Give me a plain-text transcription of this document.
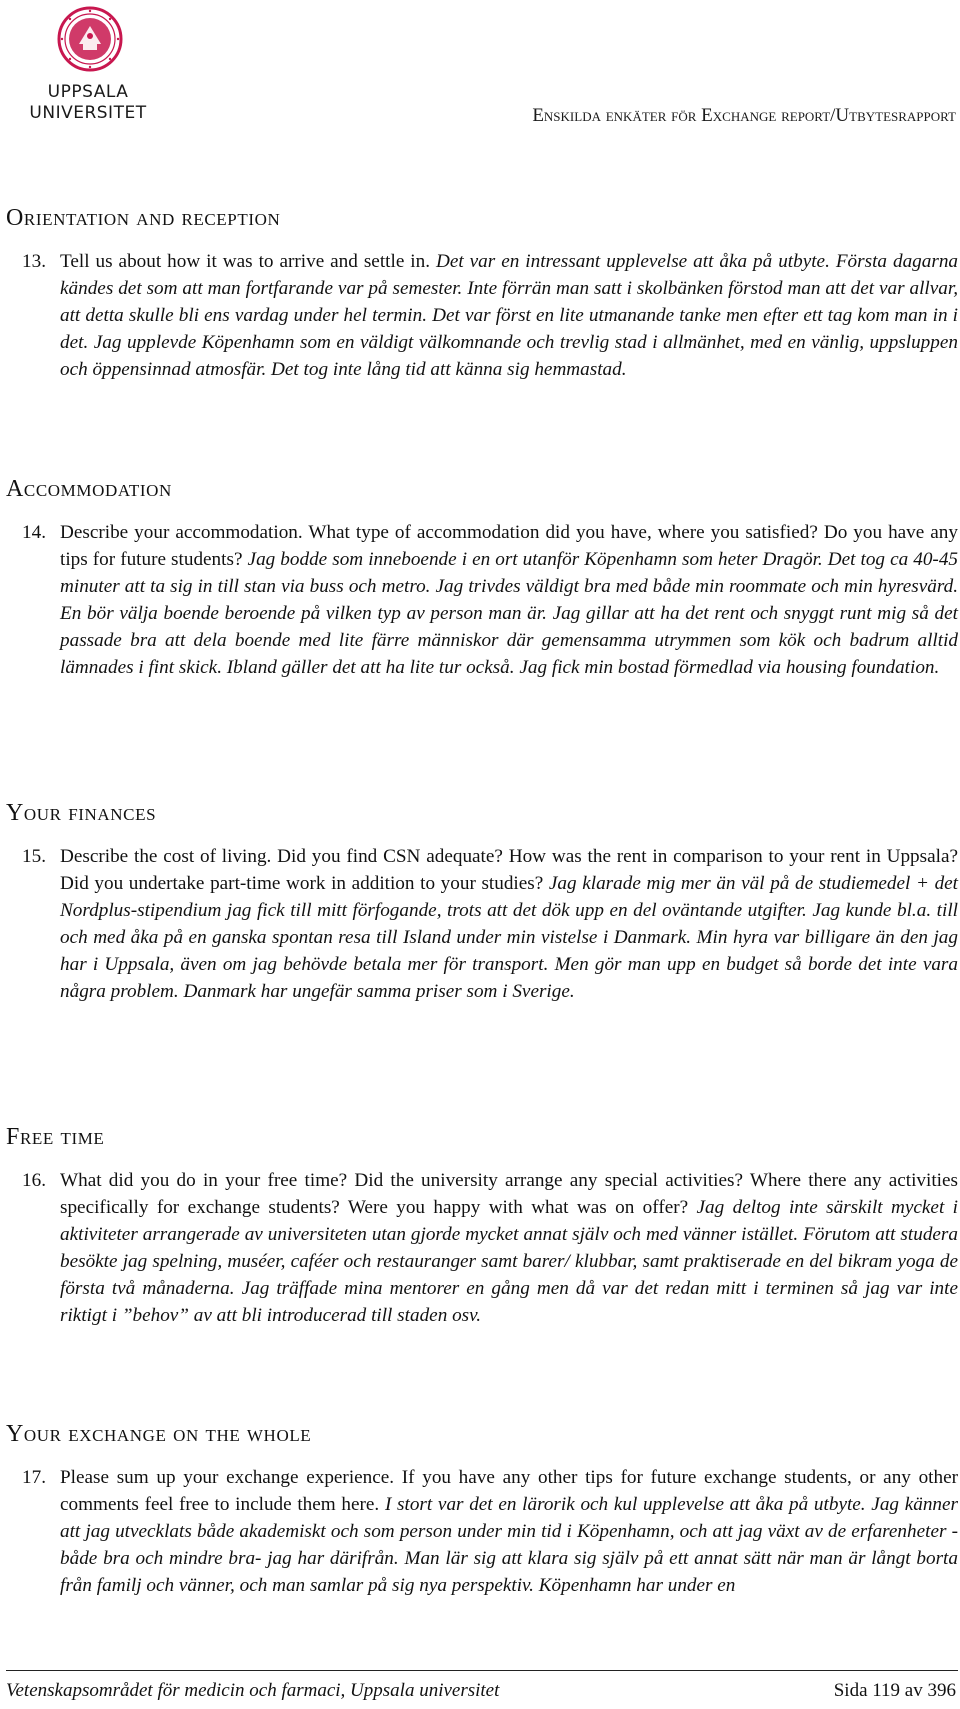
UPPSALA
UNIVERSITET	Enskilda enkäter för Exchange report/Utbytesrapport
Orientation and reception
13. Tell us about how it was to arrive and settle in. Det var en intressant upplevelse att åka på utbyte. Första dagarna kändes det som att man fortfarande var på semester. Inte förrän man satt i skolbänken förstod man att det var allvar, att detta skulle bli ens vardag under hel termin. Det var först en lite utmanande tanke men efter ett tag kom man in i det. Jag upplevde Köpenhamn som en väldigt välkomnande och trevlig stad i allmänhet, med en vänlig, uppsluppen och öppensinnad atmosfär. Det tog inte lång tid att känna sig hemmastad.

Accommodation
14. Describe your accommodation. What type of accommodation did you have, where you satisfied? Do you have any tips for future students? Jag bodde som inneboende i en ort utanför Köpenhamn som heter Dragör. Det tog ca 40-45 minuter att ta sig in till stan via buss och metro. Jag trivdes väldigt bra med både min roommate och min hyresvärd. En bör välja boende beroende på vilken typ av person man är. Jag gillar att ha det rent och snyggt runt mig så det passade bra att dela boende med lite färre människor där gemensamma utrymmen som kök och badrum alltid lämnades i fint skick. Ibland gäller det att ha lite tur också. Jag fick min bostad förmedlad via housing foundation.

Your finances
15. Describe the cost of living. Did you find CSN adequate? How was the rent in comparison to your rent in Uppsala? Did you undertake part-time work in addition to your studies? Jag klarade mig mer än väl på de studiemedel + det Nordplus-stipendium jag fick till mitt förfogande, trots att det dök upp en del oväntande utgifter. Jag kunde bl.a. till och med åka på en ganska spontan resa till Island under min vistelse i Danmark. Min hyra var billigare än den jag har i Uppsala, även om jag behövde betala mer för transport. Men gör man upp en budget så borde det inte vara några problem. Danmark har ungefär samma priser som i Sverige.

Free time
16. What did you do in your free time? Did the university arrange any special activities? Where there any activities specifically for exchange students? Were you happy with what was on offer? Jag deltog inte särskilt mycket i aktiviteter arrangerade av universiteten utan gjorde mycket annat själv och med vänner istället. Förutom att studera besökte jag spelning, muséer, caféer och restauranger samt barer/ klubbar, samt praktiserade en del bikram yoga de första två månaderna. Jag träffade mina mentorer en gång men då var det redan mitt i terminen så jag var inte riktigt i ”behov” av att bli introducerad till staden osv.

Your exchange on the whole
17. Please sum up your exchange experience. If you have any other tips for future exchange students, or any other comments feel free to include them here. I stort var det en lärorik och kul upplevelse att åka på utbyte. Jag känner att jag utvecklats både akademiskt och som person under min tid i Köpenhamn, och att jag växt av de erfarenheter - både bra och mindre bra- jag har därifrån. Man lär sig att klara sig själv på ett annat sätt när man är långt borta från familj och vänner, och man samlar på sig nya perspektiv. Köpenhamn har under en

Vetenskapsområdet för medicin och farmaci, Uppsala universitet	Sida 119 av 396
